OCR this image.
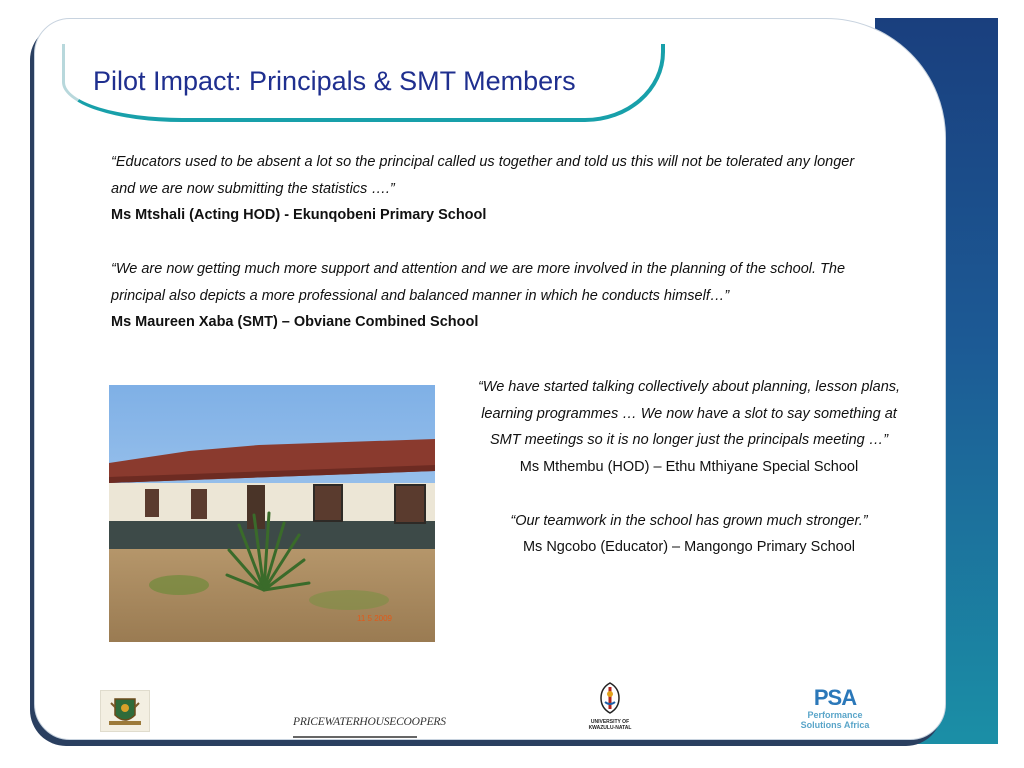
Pilot Impact: Principals & SMT Members

“Educators used to be absent a lot so the principal called us together and told us this will not be tolerated any longer and we are now submitting the statistics ….”

Ms Mtshali (Acting HOD) - Ekunqobeni Primary School

“We are now getting much more support and attention and we are more involved in the planning of the school. The principal also depicts a more professional and balanced manner in which he conducts himself…”

Ms Maureen Xaba (SMT) – Obviane Combined School

11 5 2009

“We have started talking collectively about planning, lesson plans, learning programmes … We now have a slot to say something at SMT meetings so it is no longer just the principals meeting …”

Ms Mthembu (HOD) – Ethu Mthiyane Special School

“Our teamwork in the school has grown much stronger.”

Ms Ngcobo (Educator) – Mangongo Primary School

PRICEWATERHOUSECOOPERS	UNIVERSITY OF
KWAZULU-NATAL
PSA
Performance
Solutions Africa
